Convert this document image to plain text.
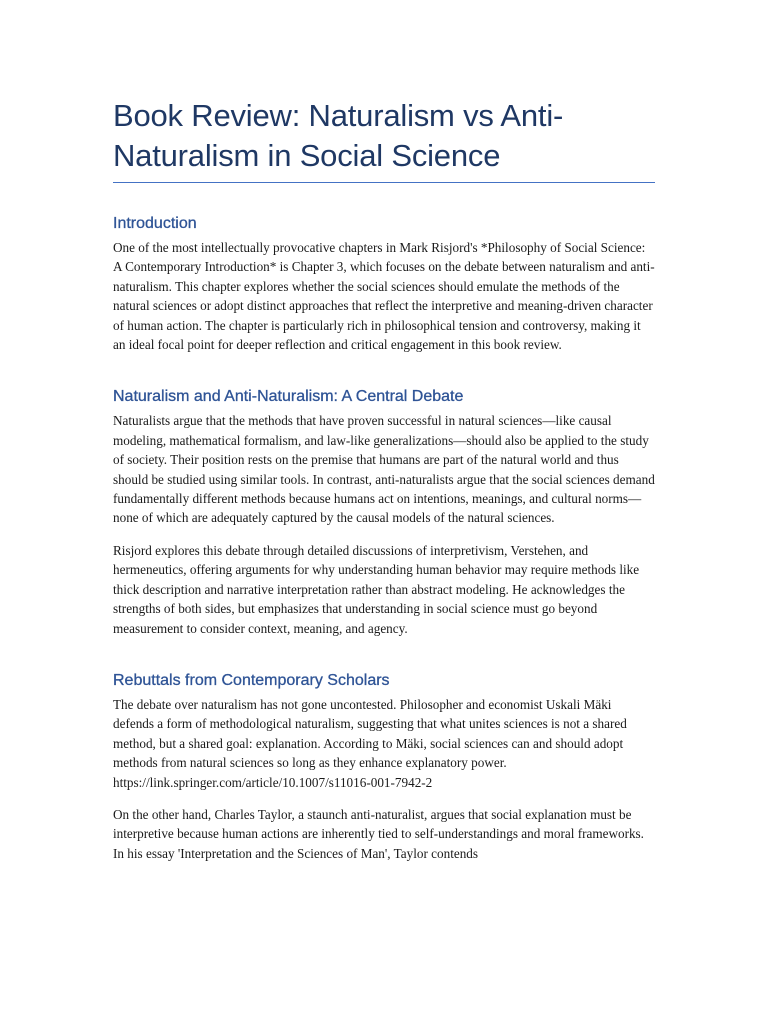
Book Review: Naturalism vs Anti-
Naturalism in Social Science
Introduction

One of the most intellectually provocative chapters in Mark Risjord's *Philosophy of Social Science: A Contemporary Introduction* is Chapter 3, which focuses on the debate between naturalism and anti-naturalism. This chapter explores whether the social sciences should emulate the methods of the natural sciences or adopt distinct approaches that reflect the interpretive and meaning-driven character of human action. The chapter is particularly rich in philosophical tension and controversy, making it an ideal focal point for deeper reflection and critical engagement in this book review.

Naturalism and Anti-Naturalism: A Central Debate

Naturalists argue that the methods that have proven successful in natural sciences—like causal modeling, mathematical formalism, and law-like generalizations—should also be applied to the study of society. Their position rests on the premise that humans are part of the natural world and thus should be studied using similar tools. In contrast, anti-naturalists argue that the social sciences demand fundamentally different methods because humans act on intentions, meanings, and cultural norms—none of which are adequately captured by the causal models of the natural sciences.

Risjord explores this debate through detailed discussions of interpretivism, Verstehen, and hermeneutics, offering arguments for why understanding human behavior may require methods like thick description and narrative interpretation rather than abstract modeling. He acknowledges the strengths of both sides, but emphasizes that understanding in social science must go beyond measurement to consider context, meaning, and agency.

Rebuttals from Contemporary Scholars

The debate over naturalism has not gone uncontested. Philosopher and economist Uskali Mäki defends a form of methodological naturalism, suggesting that what unites sciences is not a shared method, but a shared goal: explanation. According to Mäki, social sciences can and should adopt methods from natural sciences so long as they enhance explanatory power.

https://link.springer.com/article/10.1007/s11016-001-7942-2

On the other hand, Charles Taylor, a staunch anti-naturalist, argues that social explanation must be interpretive because human actions are inherently tied to self-understandings and moral frameworks. In his essay 'Interpretation and the Sciences of Man', Taylor contends
